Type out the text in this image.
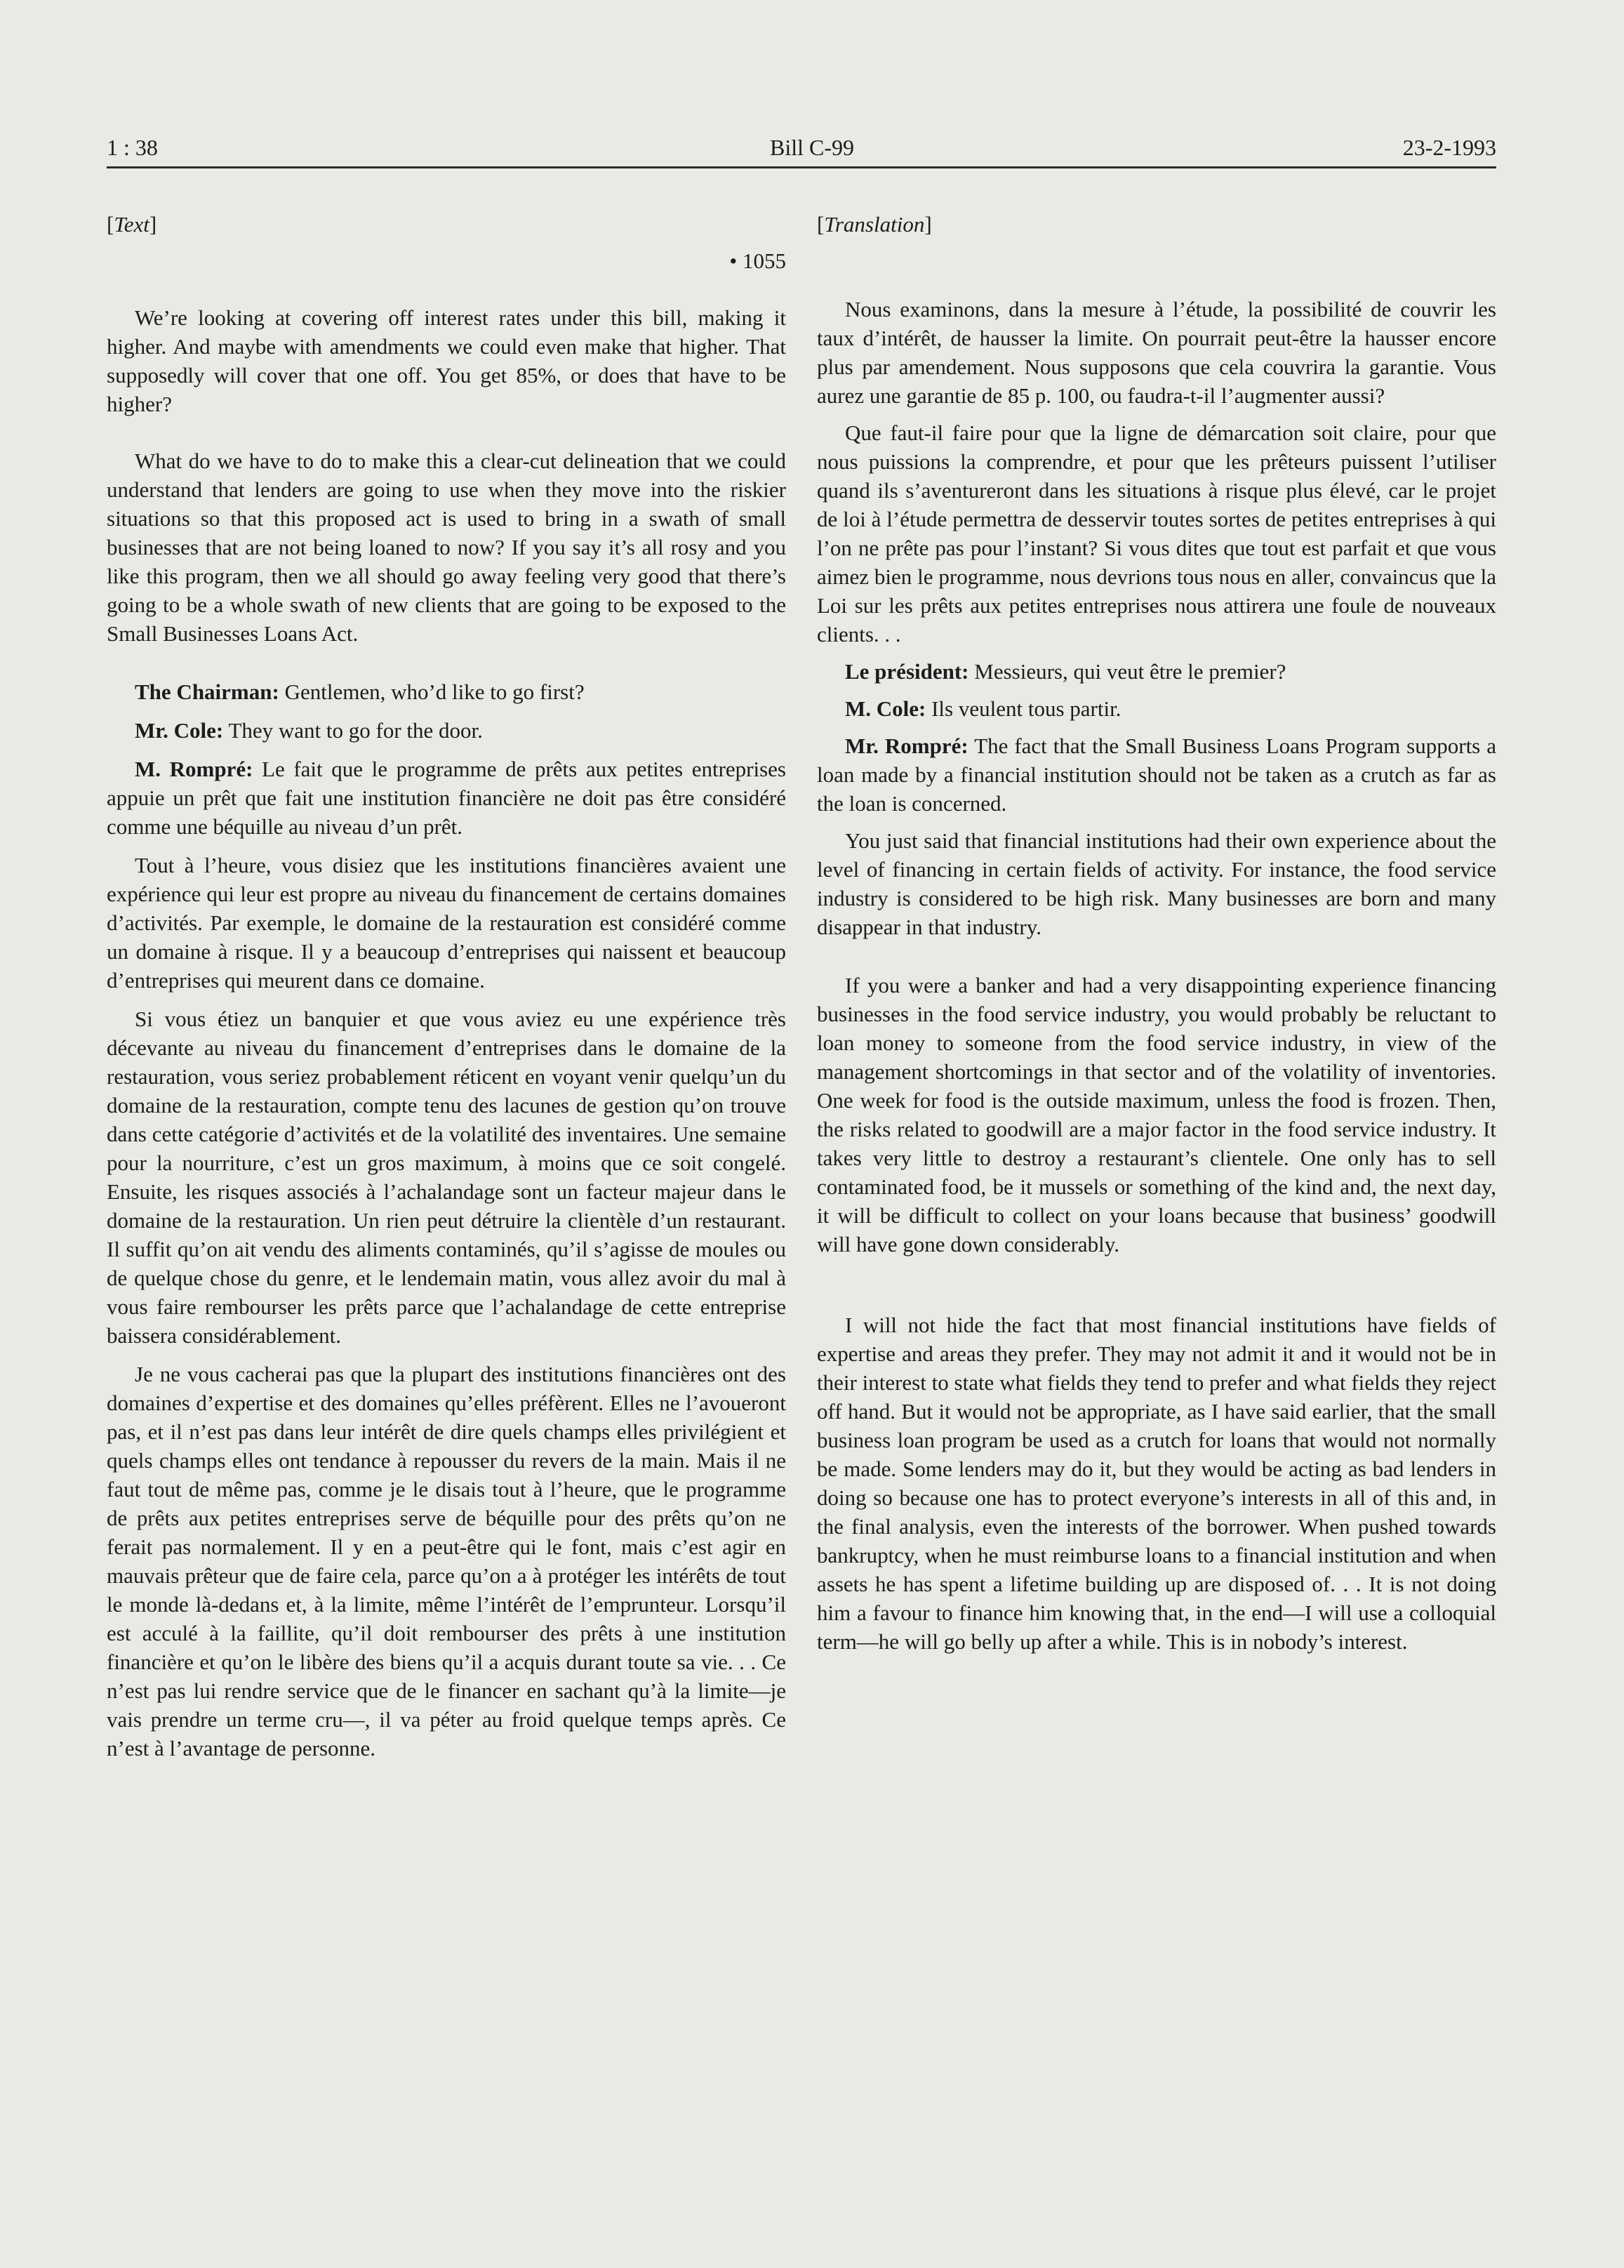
1 : 38	Bill C-99	23-2-1993

[Text]

• 1055

We’re looking at covering off interest rates under this bill, making it higher. And maybe with amendments we could even make that higher. That supposedly will cover that one off. You get 85%, or does that have to be higher?

What do we have to do to make this a clear-cut delineation that we could understand that lenders are going to use when they move into the riskier situations so that this proposed act is used to bring in a swath of small businesses that are not being loaned to now? If you say it’s all rosy and you like this program, then we all should go away feeling very good that there’s going to be a whole swath of new clients that are going to be exposed to the Small Businesses Loans Act.

The Chairman: Gentlemen, who’d like to go first?

Mr. Cole: They want to go for the door.

M. Rompré: Le fait que le programme de prêts aux petites entreprises appuie un prêt que fait une institution financière ne doit pas être considéré comme une béquille au niveau d’un prêt.

Tout à l’heure, vous disiez que les institutions financières avaient une expérience qui leur est propre au niveau du financement de certains domaines d’activités. Par exemple, le domaine de la restauration est considéré comme un domaine à risque. Il y a beaucoup d’entreprises qui naissent et beaucoup d’entreprises qui meurent dans ce domaine.

Si vous étiez un banquier et que vous aviez eu une expérience très décevante au niveau du financement d’entreprises dans le domaine de la restauration, vous seriez probablement réticent en voyant venir quelqu’un du domaine de la restauration, compte tenu des lacunes de gestion qu’on trouve dans cette catégorie d’activités et de la volatilité des inventaires. Une semaine pour la nourriture, c’est un gros maximum, à moins que ce soit congelé. Ensuite, les risques associés à l’achalandage sont un facteur majeur dans le domaine de la restauration. Un rien peut détruire la clientèle d’un restaurant. Il suffit qu’on ait vendu des aliments contaminés, qu’il s’agisse de moules ou de quelque chose du genre, et le lendemain matin, vous allez avoir du mal à vous faire rembourser les prêts parce que l’achalandage de cette entreprise baissera considérablement.

Je ne vous cacherai pas que la plupart des institutions financières ont des domaines d’expertise et des domaines qu’elles préfèrent. Elles ne l’avoueront pas, et il n’est pas dans leur intérêt de dire quels champs elles privilégient et quels champs elles ont tendance à repousser du revers de la main. Mais il ne faut tout de même pas, comme je le disais tout à l’heure, que le programme de prêts aux petites entreprises serve de béquille pour des prêts qu’on ne ferait pas normalement. Il y en a peut-être qui le font, mais c’est agir en mauvais prêteur que de faire cela, parce qu’on a à protéger les intérêts de tout le monde là-dedans et, à la limite, même l’intérêt de l’emprunteur. Lorsqu’il est acculé à la faillite, qu’il doit rembourser des prêts à une institution financière et qu’on le libère des biens qu’il a acquis durant toute sa vie. . . Ce n’est pas lui rendre service que de le financer en sachant qu’à la limite—je vais prendre un terme cru—, il va péter au froid quelque temps après. Ce n’est à l’avantage de personne.

[Translation]

Nous examinons, dans la mesure à l’étude, la possibilité de couvrir les taux d’intérêt, de hausser la limite. On pourrait peut-être la hausser encore plus par amendement. Nous supposons que cela couvrira la garantie. Vous aurez une garantie de 85 p. 100, ou faudra-t-il l’augmenter aussi?

Que faut-il faire pour que la ligne de démarcation soit claire, pour que nous puissions la comprendre, et pour que les prêteurs puissent l’utiliser quand ils s’aventureront dans les situations à risque plus élevé, car le projet de loi à l’étude permettra de desservir toutes sortes de petites entreprises à qui l’on ne prête pas pour l’instant? Si vous dites que tout est parfait et que vous aimez bien le programme, nous devrions tous nous en aller, convaincus que la Loi sur les prêts aux petites entreprises nous attirera une foule de nouveaux clients. . .

Le président: Messieurs, qui veut être le premier?

M. Cole: Ils veulent tous partir.

Mr. Rompré: The fact that the Small Business Loans Program supports a loan made by a financial institution should not be taken as a crutch as far as the loan is concerned.

You just said that financial institutions had their own experience about the level of financing in certain fields of activity. For instance, the food service industry is considered to be high risk. Many businesses are born and many disappear in that industry.

If you were a banker and had a very disappointing experience financing businesses in the food service industry, you would probably be reluctant to loan money to someone from the food service industry, in view of the management shortcomings in that sector and of the volatility of inventories. One week for food is the outside maximum, unless the food is frozen. Then, the risks related to goodwill are a major factor in the food service industry. It takes very little to destroy a restaurant’s clientele. One only has to sell contaminated food, be it mussels or something of the kind and, the next day, it will be difficult to collect on your loans because that business’ goodwill will have gone down considerably.

I will not hide the fact that most financial institutions have fields of expertise and areas they prefer. They may not admit it and it would not be in their interest to state what fields they tend to prefer and what fields they reject off hand. But it would not be appropriate, as I have said earlier, that the small business loan program be used as a crutch for loans that would not normally be made. Some lenders may do it, but they would be acting as bad lenders in doing so because one has to protect everyone’s interests in all of this and, in the final analysis, even the interests of the borrower. When pushed towards bankruptcy, when he must reimburse loans to a financial institution and when assets he has spent a lifetime building up are disposed of. . . It is not doing him a favour to finance him knowing that, in the end—I will use a colloquial term—he will go belly up after a while. This is in nobody’s interest.
